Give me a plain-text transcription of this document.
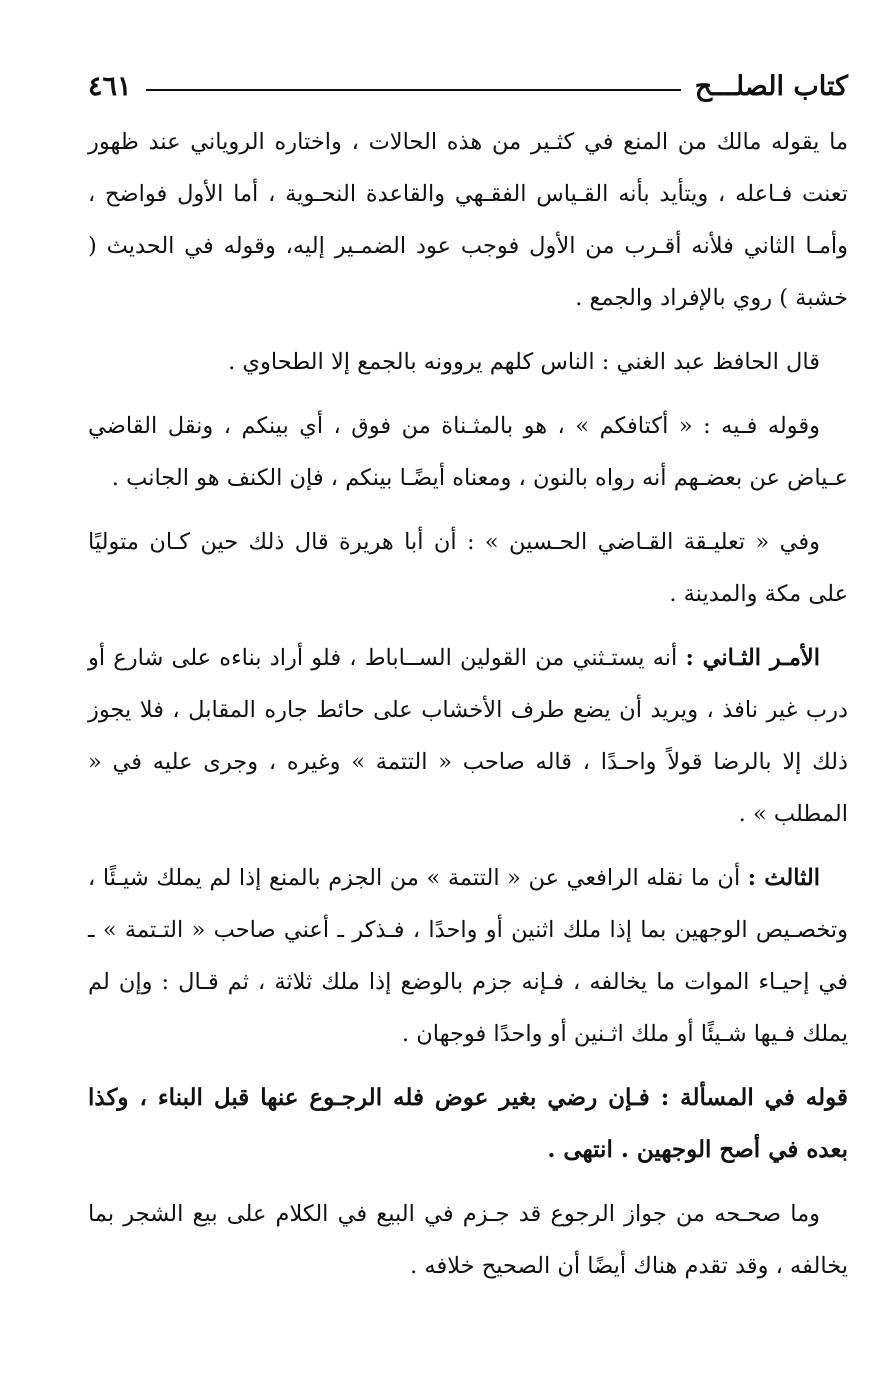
كتاب الصلـــح
٤٦١

ما يقوله مالك من المنع في كثـير من هذه الحالات ، واختاره الروياني عند ظهور تعنت فـاعله ، ويتأيد بأنه القـياس الفقـهي والقاعدة النحـوية ، أما الأول فواضح ، وأمـا الثاني فلأنه أقـرب من الأول فوجب عود الضمـير إليه، وقوله في الحديث ( خشبة ) روي بالإفراد والجمع .

قال الحافظ عبد الغني : الناس كلهم يروونه بالجمع إلا الطحاوي .

وقوله فـيه : « أكتافكم » ، هو بالمثـناة من فوق ، أي بينكم ، ونقل القاضي عـياض عن بعضـهم أنه رواه بالنون ، ومعناه أيضًـا بينكم ، فإن الكنف هو الجانب .

وفي « تعليـقة القـاضي الحـسين » : أن أبا هريرة قال ذلك حين كـان متوليًا على مكة والمدينة .

الأمـر الثـاني : أنه يستـثني من القولين الســاباط ، فلو أراد بناءه على شارع أو درب غير نافذ ، ويريد أن يضع طرف الأخشاب على حائط جاره المقابل ، فلا يجوز ذلك إلا بالرضا قولاً واحـدًا ، قاله صاحب « التتمة » وغيره ، وجرى عليه في « المطلب » .

الثالث : أن ما نقله الرافعي عن « التتمة » من الجزم بالمنع إذا لم يملك شيـئًا ، وتخصـيص الوجهين بما إذا ملك اثنين أو واحدًا ، فـذكر ـ أعني صاحب « التـتمة » ـ في إحيـاء الموات ما يخالفه ، فـإنه جزم بالوضع إذا ملك ثلاثة ، ثم قـال : وإن لم يملك فـيها شـيئًا أو ملك اثـنين أو واحدًا فوجهان .

قوله في المسألة : فـإن رضي بغير عوض فله الرجـوع عنها قبل البناء ، وكذا بعده في أصح الوجهين . انتهى .

وما صحـحه من جواز الرجوع قد جـزم في البيع في الكلام على بيع الشجر بما يخالفه ، وقد تقدم هناك أيضًا أن الصحيح خلافه .
